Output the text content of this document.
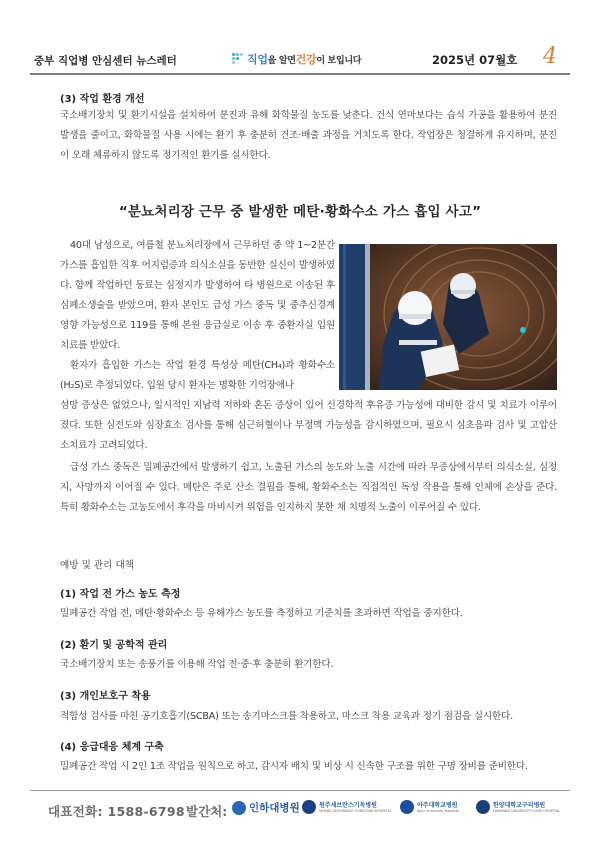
중부 직업병 안심센터 뉴스레터	직업 을 알면 건강 이 보입니다	2025년 07월호 4
(3) 작업 환경 개선
국소배기장치 및 환기시설을 설치하여 분진과 유해 화학물질 농도를 낮춘다. 건식 연마보다는 습식 가공을 활용하여 분진 발생을 줄이고, 화학물질 사용 시에는 환기 후 충분히 건조·배출 과정을 거치도록 한다. 작업장은 청결하게 유지하며, 분진이 오래 체류하지 않도록 정기적인 환기를 실시한다.
“분뇨처리장 근무 중 발생한 메탄·황화수소 가스 흡입 사고”

40대 남성으로, 여름철 분뇨처리장에서 근무하던 중 약 1~2분간 가스를 흡입한 직후 어지럼증과 의식소실을 동반한 실신이 발생하였다. 함께 작업하던 동료는 심정지가 발생하여 타 병원으로 이송된 후 심폐소생술을 받았으며, 환자 본인도 급성 가스 중독 및 중추신경계 영향 가능성으로 119를 통해 본원 응급실로 이송 후 중환자실 입원 치료를 받았다.

환자가 흡입한 가스는 작업 환경 특성상 메탄(CH₄)과 황화수소(H₂S)로 추정되었다. 입원 당시 환자는 명확한 기억장애나

섬망 증상은 없었으나, 일시적인 지남력 저하와 혼돈 증상이 있어 신경학적 후유증 가능성에 대비한 감시 및 치료가 이루어졌다. 또한 심전도와 심장효소 검사를 통해 심근허혈이나 부정맥 가능성을 감시하였으며, 필요시 심초음파 검사 및 고압산소치료가 고려되었다.

급성 가스 중독은 밀폐공간에서 발생하기 쉽고, 노출된 가스의 농도와 노출 시간에 따라 무증상에서부터 의식소실, 심정지, 사망까지 이어질 수 있다. 메탄은 주로 산소 결핍을 통해, 황화수소는 직접적인 독성 작용을 통해 인체에 손상을 준다. 특히 황화수소는 고농도에서 후각을 마비시켜 위험을 인지하지 못한 채 치명적 노출이 이루어질 수 있다.

예방 및 관리 대책
(1) 작업 전 가스 농도 측정
밀폐공간 작업 전, 메탄·황화수소 등 유해가스 농도를 측정하고 기준치를 초과하면 작업을 중지한다.
(2) 환기 및 공학적 관리
국소배기장치 또는 송풍기를 이용해 작업 전·중·후 충분히 환기한다.
(3) 개인보호구 착용
적합성 검사를 마친 공기호흡기(SCBA) 또는 송기마스크를 착용하고, 마스크 착용 교육과 정기 점검을 실시한다.
(4) 응급대응 체계 구축
밀폐공간 작업 시 2인 1조 작업을 원칙으로 하고, 감시자 배치 및 비상 시 신속한 구조를 위한 구명 장비를 준비한다.
대표전화: 1588-6798 발간처: 인하대병원	원주세브란스기독병원
WONJU SEVERANCE CHRISTIAN HOSPITAL
아주대학교병원
Ajou University Hospital
한양대학교구리병원
HANYANG UNIVERSITY GURI HOSPITAL
